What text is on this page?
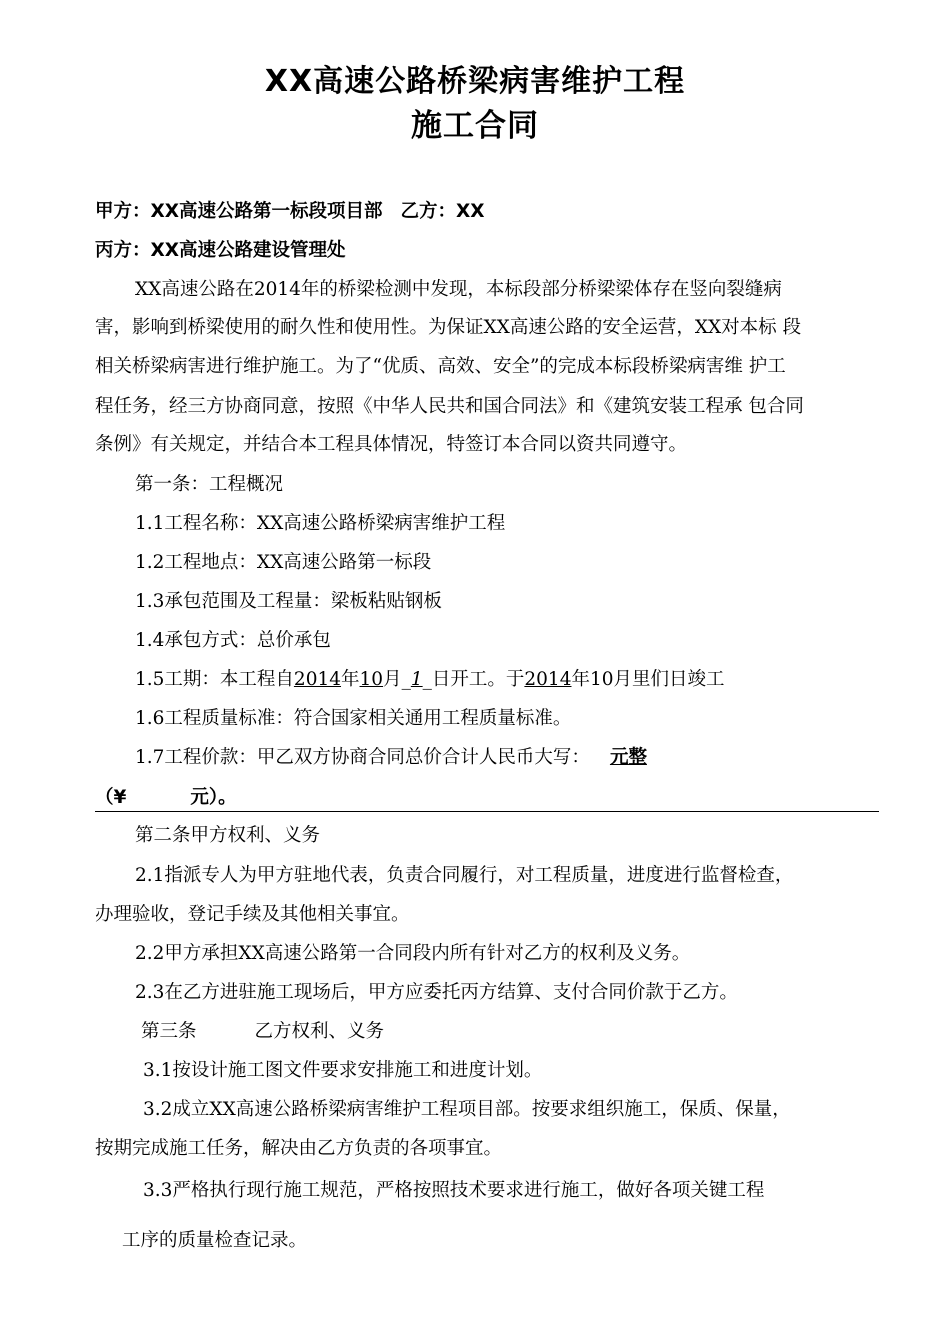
XX高速公路桥梁病害维护工程
施工合同
甲方：XX高速公路第一标段项目部 乙方：XX
丙方：XX高速公路建设管理处
XX高速公路在2014年的桥梁检测中发现，本标段部分桥梁梁体存在竖向裂缝病
害，影响到桥梁使用的耐久性和使用性。为保证XX高速公路的安全运营，XX对本标 段
相关桥梁病害进行维护施工。为了“优质、高效、安全”的完成本标段桥梁病害维 护工
程任务，经三方协商同意，按照《中华人民共和国合同法》和《建筑安装工程承 包合同
条例》有关规定，并结合本工程具体情况，特签订本合同以资共同遵守。
第一条：工程概况
1.1工程名称：XX高速公路桥梁病害维护工程
1.2工程地点：XX高速公路第一标段
1.3承包范围及工程量：梁板粘贴钢板
1.4承包方式：总价承包
1.5工期：本工程自2014年10月_1_日开工。于2014年10月里们日竣工
1.6工程质量标准：符合国家相关通用工程质量标准。
1.7工程价款：甲乙双方协商合同总价合计人民币大写： 元整
（¥	元）。
第二条甲方权利、义务
2.1指派专人为甲方驻地代表，负责合同履行，对工程质量，进度进行监督检查，
办理验收，登记手续及其他相关事宜。
2.2甲方承担XX高速公路第一合同段内所有针对乙方的权利及义务。
2.3在乙方进驻施工现场后，甲方应委托丙方结算、支付合同价款于乙方。
第三条	乙方权利、义务
3.1按设计施工图文件要求安排施工和进度计划。
3.2成立XX高速公路桥梁病害维护工程项目部。按要求组织施工，保质、保量，
按期完成施工任务，解决由乙方负责的各项事宜。
3.3严格执行现行施工规范，严格按照技术要求进行施工，做好各项关键工程
工序的质量检查记录。
